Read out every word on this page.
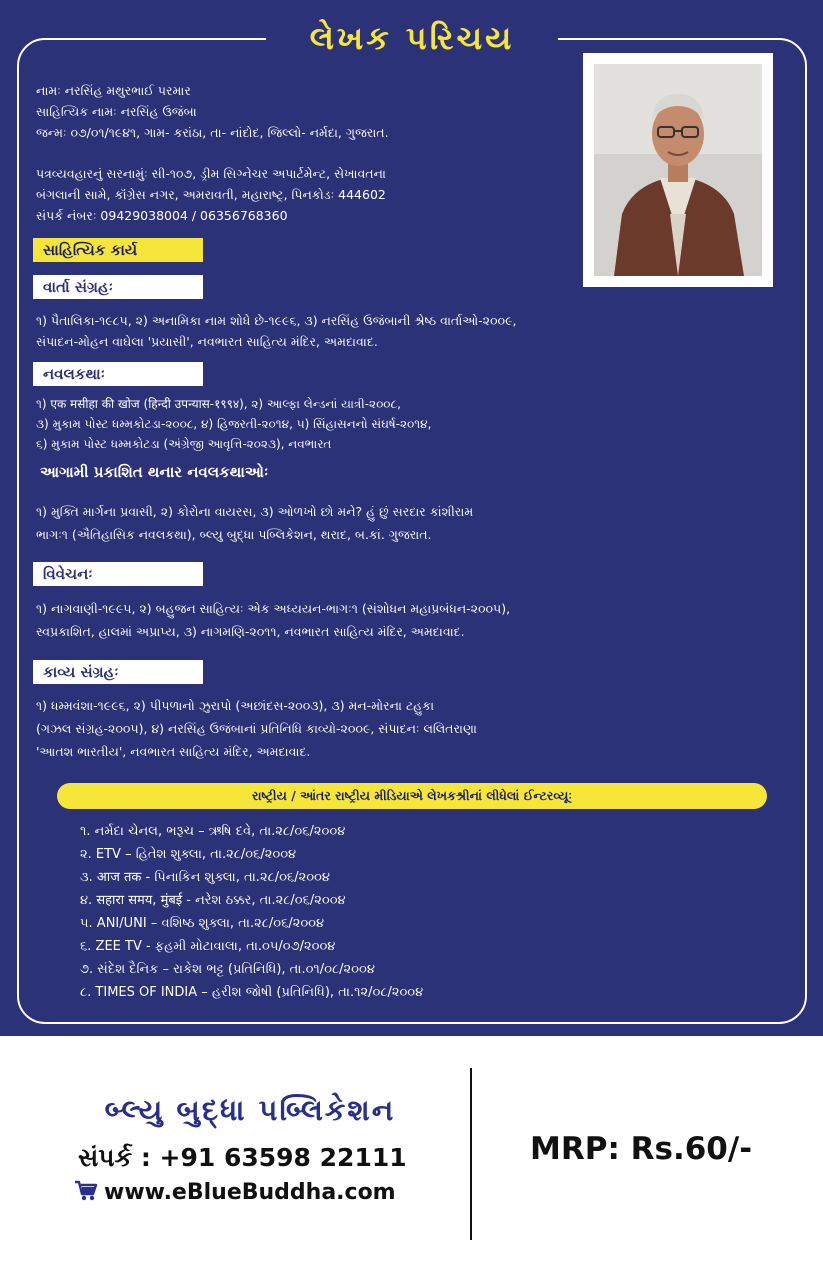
લેખક પરિચય
નામઃ નરસિંહ મથુરભાઈ પરમાર
સાહિત્યિક નામઃ નરસિંહ ઉજંબા
જન્મઃ ૦૭/૦૧/૧૯૪૧, ગામ- કરાંઠા, તા- નાંદોદ, જિલ્લો- નર્મદા, ગુજરાત.
પત્રવ્યવહારનું સરનામુંઃ સી-૧૦૭, ડ્રીમ સિગ્નેચર અપાર્ટમેન્ટ, સેખાવતના
બંગલાની સામે, કૉંગ્રેસ નગર, અમરાવતી, મહારાષ્ટ્ર, પિનકોડઃ 444602
સંપર્ક નંબરઃ 09429038004 / 06356768360
સાહિત્યિક કાર્ય
વાર્તા સંગ્રહઃ
૧) પૈતાલિકા-૧૯૮૫, ૨) અનામિકા નામ શોધે છે-૧૯૯૬, ૩) નરસિંહ ઉજંબાની શ્રેષ્ઠ વાર્તાઓ-૨૦૦૯,
સંપાદન-મોહન વાઘેલા 'પ્રયાસી', નવભારત સાહિત્ય મંદિર, અમદાવાદ.
નવલકથાઃ
૧) एक मसीहा की खोज (हिन्दी उपन्यास-१९९४), ૨) આલ્ફા લેન્ડનાં યાત્રી-૨૦૦૮,
૩) મુકામ પોસ્ટ ધમ્મકોટડા-૨૦૦૮, ૪) હિજરતી-૨૦૧૪, ૫) સિંહાસનનો સંઘર્ષ-૨૦૧૪,
૬) મુકામ પોસ્ટ ધમ્મકોટડા (અંગ્રેજી આવૃત્તિ-૨૦૨૩), નવભારત
આગામી પ્રકાશિત થનાર નવલકથાઓઃ
૧) મુક્તિ માર્ગના પ્રવાસી, ૨) કોરોના વાયરસ, ૩) ઓળખો છો મને? હું છું સરદાર કાંશીરામ
ભાગઃ૧ (ઐતિહાસિક નવલકથા), બ્લ્યુ બુદ્ધા પબ્લિકેશન, થરાદ, બ.કાં. ગુજરાત.
વિવેચનઃ
૧) નાગવાણી-૧૯૯૫, ૨) બહુજન સાહિત્યઃ એક અધ્યયન-ભાગઃ૧ (સંશોધન મહાપ્રબંધન-૨૦૦૫),
સ્વપ્રકાશિત, હાલમાં અપ્રાપ્ય, ૩) નાગમણિ-૨૦૧૧, નવભારત સાહિત્ય મંદિર, અમદાવાદ.
કાવ્ય સંગ્રહઃ
૧) ધમ્મવંશા-૧૯૯૬, ૨) પીપળાનો ઝુરાપો (અછાંદસ-૨૦૦૩), ૩) મન-મોરના ટહુકા
(ગઝલ સંગ્રહ-૨૦૦૫), ૪) નરસિંહ ઉજંબાનાં પ્રતિનિધિ કાવ્યો-૨૦૦૯, સંપાદનઃ લલિતરાણા
'આતશ ભારતીય', નવભારત સાહિત્ય મંદિર, અમદાવાદ.
રાષ્ટ્રીય / આંતર રાષ્ટ્રીય મીડિયાએ લેખકશ્રીનાં લીધેલાં ઈન્ટરવ્યૂઃ
૧. નર્મદા ચેનલ, ભરૂચ – ઋષિ દવે, તા.૨૮/૦૬/૨૦૦૪
૨. ETV – હિતેશ શુક્લા, તા.૨૮/૦૬/૨૦૦૪
૩. आज तक - પિનાકિન શુક્લા, તા.૨૮/૦૬/૨૦૦૪
૪. सहारा समय, मुंबई - નરેશ ઠક્કર, તા.૨૮/૦૬/૨૦૦૪
૫. ANI/UNI – વશિષ્ઠ શુક્લા, તા.૨૮/૦૬/૨૦૦૪
૬. ZEE TV - ફહમી મોટાવાલા, તા.૦૫/૦૭/૨૦૦૪
૭. સંદેશ દૈનિક – રાકેશ ભટ્ટ (પ્રતિનિધિ), તા.૦૧/૦૮/૨૦૦૪
૮. TIMES OF INDIA – હરીશ જોષી (પ્રતિનિધિ), તા.૧૨/૦૮/૨૦૦૪
બ્લ્યુ બુદ્ધા પબ્લિકેશન
સંપર્ક : +91 63598 22111
www.eBlueBuddha.com
MRP: Rs.60/-
